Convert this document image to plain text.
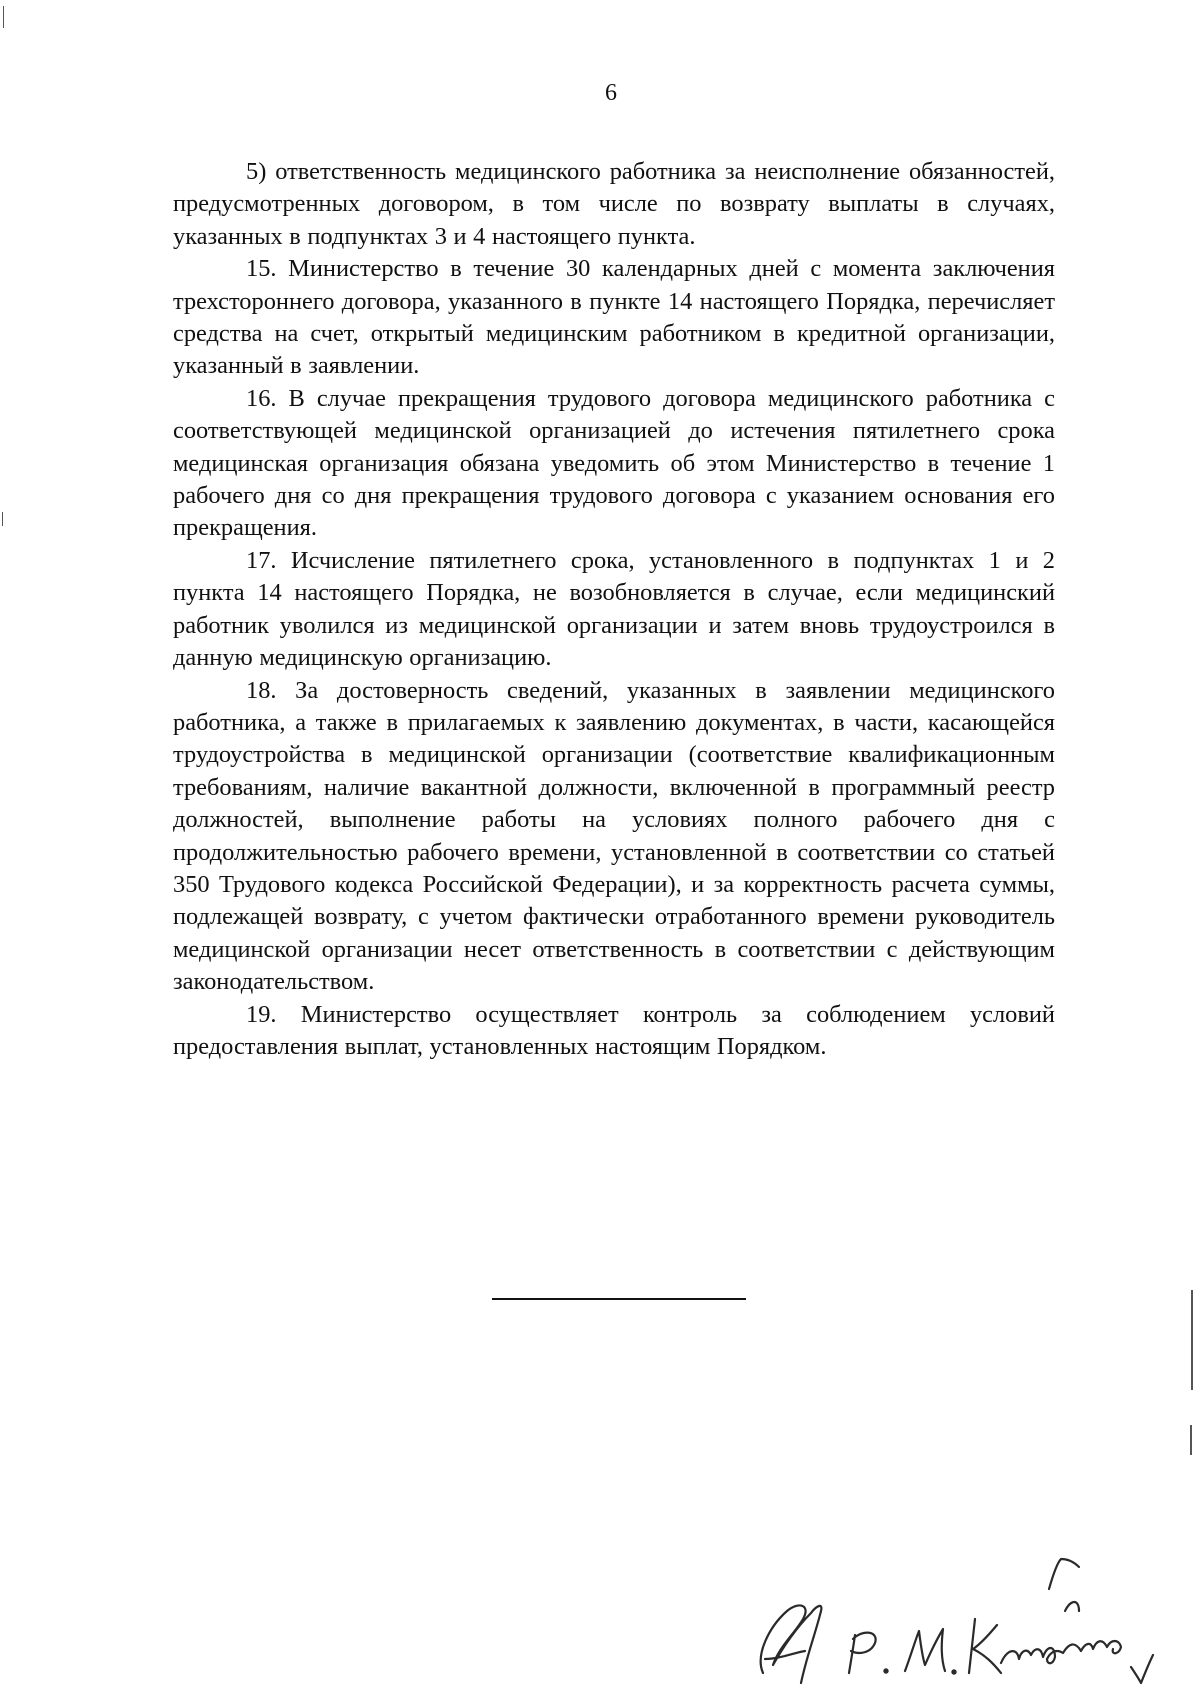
6

5) ответственность медицинского работника за неисполнение обязанностей, предусмотренных договором, в том числе по возврату выплаты в случаях, указанных в подпунктах 3 и 4 настоящего пункта.

15. Министерство в течение 30 календарных дней с момента заключения трехстороннего договора, указанного в пункте 14 настоящего Порядка, перечисляет средства на счет, открытый медицинским работником в кредитной организации, указанный в заявлении.

16. В случае прекращения трудового договора медицинского работника с соответствующей медицинской организацией до истечения пятилетнего срока медицинская организация обязана уведомить об этом Министерство в течение 1 рабочего дня со дня прекращения трудового договора с указанием основания его прекращения.

17. Исчисление пятилетнего срока, установленного в подпунктах 1 и 2 пункта 14 настоящего Порядка, не возобновляется в случае, если медицинский работник уволился из медицинской организации и затем вновь трудоустроился в данную медицинскую организацию.

18. За достоверность сведений, указанных в заявлении медицинского работника, а также в прилагаемых к заявлению документах, в части, касающейся трудоустройства в медицинской организации (соответствие квалификационным требованиям, наличие вакантной должности, включенной в программный реестр должностей, выполнение работы на условиях полного рабочего дня с продолжительностью рабочего времени, установленной в соответствии со статьей 350 Трудового кодекса Российской Федерации), и за корректность расчета суммы, подлежащей возврату, с учетом фактически отработанного времени руководитель медицинской организации несет ответственность в соответствии с действующим законодательством.

19. Министерство осуществляет контроль за соблюдением условий предоставления выплат, установленных настоящим Порядком.
